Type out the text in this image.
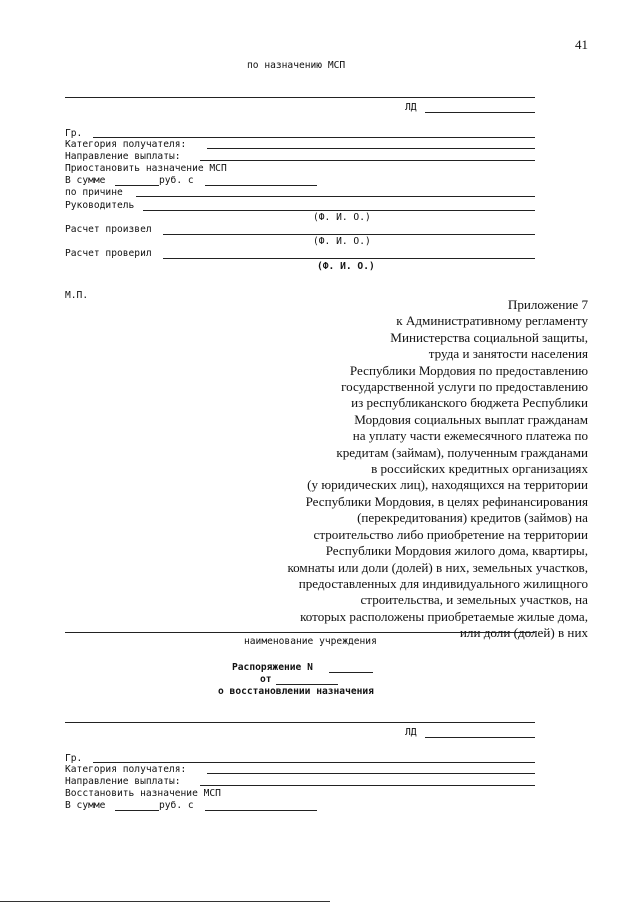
41
по назначению МСП
ЛД
Гр.
Категория получателя:
Направление выплаты:
Приостановить назначение МСП
В сумме	руб. с
по причине
Руководитель
(Ф. И. О.)
Расчет произвел
(Ф. И. О.)
Расчет проверил
(Ф. И. О.)
М.П.
Приложение 7
к Административному регламенту
Министерства социальной защиты,
труда и занятости населения
Республики Мордовия по предоставлению
государственной услуги по предоставлению
из республиканского бюджета Республики
Мордовия социальных выплат гражданам
на уплату части ежемесячного платежа по
кредитам (займам), полученным гражданами
в российских кредитных организациях
(у юридических лиц), находящихся на территории
Республики Мордовия, в целях рефинансирования
(перекредитования) кредитов (займов) на
строительство либо приобретение на территории
Республики Мордовия жилого дома, квартиры,
комнаты или доли (долей) в них, земельных участков,
предоставленных для индивидуального жилищного
строительства, и земельных участков, на
которых расположены приобретаемые жилые дома,
или доли (долей) в них
наименование учреждения
Распоряжение N
от
о восстановлении назначения
ЛД
Гр.
Категория получателя:
Направление выплаты:
Восстановить назначение МСП
В сумме	руб. с
